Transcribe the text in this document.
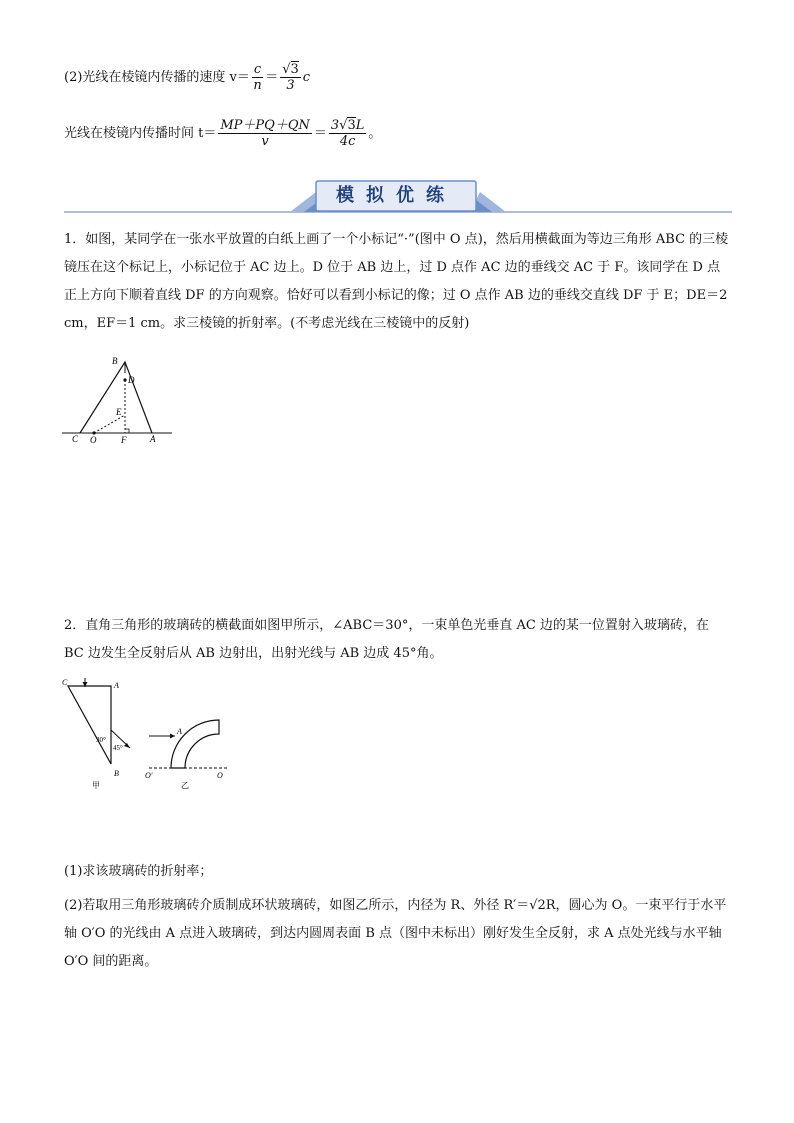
(2)光线在棱镜内传播的速度 $v= \frac{c}{n} = \frac{√3}{3}$ c
光线在棱镜内传播时间 $t= \frac{MP+PQ+QN}{v} = \frac{3√3L}{4c}$ 。
模拟优练
1．如图，某同学在一张水平放置的白纸上画了一个小标记“·”(图中 O 点)，然后用横截面为等边三角形 ABC 的三棱镜压在这个标记上，小标记位于 AC 边上。D 位于 AB 边上，过 D 点作 AC 边的垂线交 AC 于 F。该同学在 D 点正上方向下顺着直线 DF 的方向观察。恰好可以看到小标记的像；过 O 点作 AB 边的垂线交直线 DF 于 E；DE＝2 cm，EF＝1 cm。求三棱镜的折射率。(不考虑光线在三棱镜中的反射)
B
D
E
C O	F	A
2．直角三角形的玻璃砖的横截面如图甲所示，∠ABC＝30°，一束单色光垂直 AC 边的某一位置射入玻璃砖，在 BC 边发生全反射后从 AB 边射出，出射光线与 AB 边成 45°角。
C	A
B
30°
45°
甲
A
O′	O
乙
(1)求该玻璃砖的折射率；
(2)若取用三角形玻璃砖介质制成环状玻璃砖，如图乙所示，内径为 R、外径 R′＝√2R，圆心为 O。一束平行于水平轴 O′O 的光线由 A 点进入玻璃砖，到达内圆周表面 B 点（图中未标出）刚好发生全反射，求 A 点处光线与水平轴 O′O 间的距离。
